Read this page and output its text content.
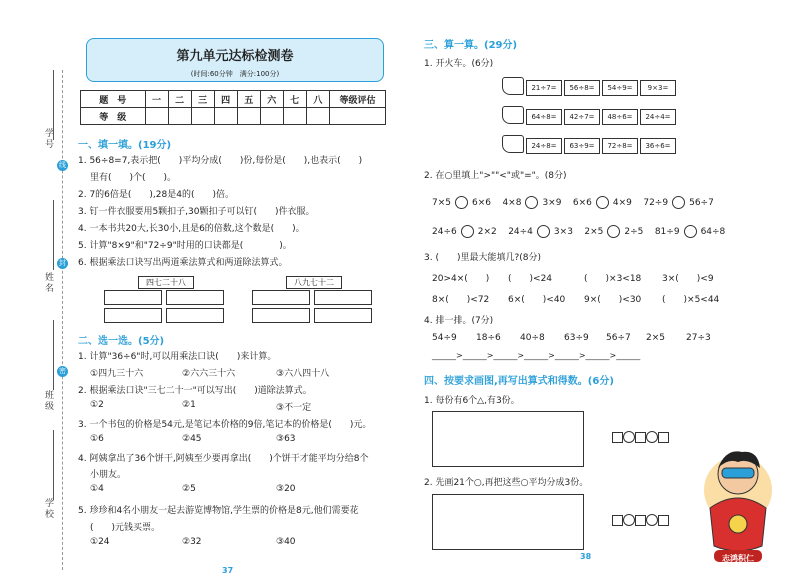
学号
姓名
班级
学校
线
封
密
第九单元达标检测卷
(时间:60分钟　满分:100分)
题　号	一	二	三	四	五	六	七	八	等级评估
等　级									
一、填一填。(19分)
1. 56÷8=7,表示把(　　)平均分成(　　)份,每份是(　　),也表示(　　)
里有(　　)个(　　)。
2. 7的6倍是(　　),28是4的(　　)倍。
3. 钉一件衣服要用5颗扣子,30颗扣子可以钉(　　)件衣服。
4. 一本书共20大,长30小,且是6的倍数,这个数是(　　)。
5. 计算"8×9"和"72÷9"时用的口诀都是(　　　　)。
6. 根据乘法口诀写出两道乘法算式和两道除法算式。
四七二十八	八九七十二
二、选一选。(5分)
1. 计算"36÷6"时,可以用乘法口诀(　　)来计算。
①四九三十六	②六六三十六	③六八四十八
2. 根据乘法口诀"三七二十一"可以写出(　　)道除法算式。
①2	②1	③不一定
3. 一个书包的价格是54元,是笔记本价格的9倍,笔记本的价格是(　　)元。
①6	②45	③63
4. 阿姨拿出了36个饼干,阿姨至少要再拿出(　　)个饼干才能平均分给8个
小朋友。
①4	②5	③20
5. 珍珍和4名小朋友一起去游览博物馆,学生票的价格是8元,他们需要花
(　　)元钱买票。
①24	②32	③40
37
三、算一算。(29分)
1. 开火车。(6分)
21÷7=	56÷8=	54÷9=	9×3=
64÷8=	42÷7=	48÷6=	24÷4=
24÷8=	63÷9=	72÷8=	36÷6=
2. 在○里填上">""<"或"="。(8分)
7×5 6×6 4×8 3×9 6×6 4×9 72÷9 56÷7
24÷6 2×2 24÷4 3×3 2×5 2÷5 81÷9 64÷8
3. (　　)里最大能填几?(8分)
20>4×(　　) (　　)<24	(　　)×3<18 3×(　　)<9
8×(　　)<72 6×(　　)<40 9×(　　)<30 (　　)×5<44
4. 排一排。(7分)
54÷9 18÷6 40÷8 63÷9 56÷7 2×5 27÷3
______>______>______>______>______>______>______
四、按要求画图,再写出算式和得数。(6分)
1. 每份有6个△,有3份。
2. 先画21个○,再把这些○平均分成3份。
38	志鸿积仁
